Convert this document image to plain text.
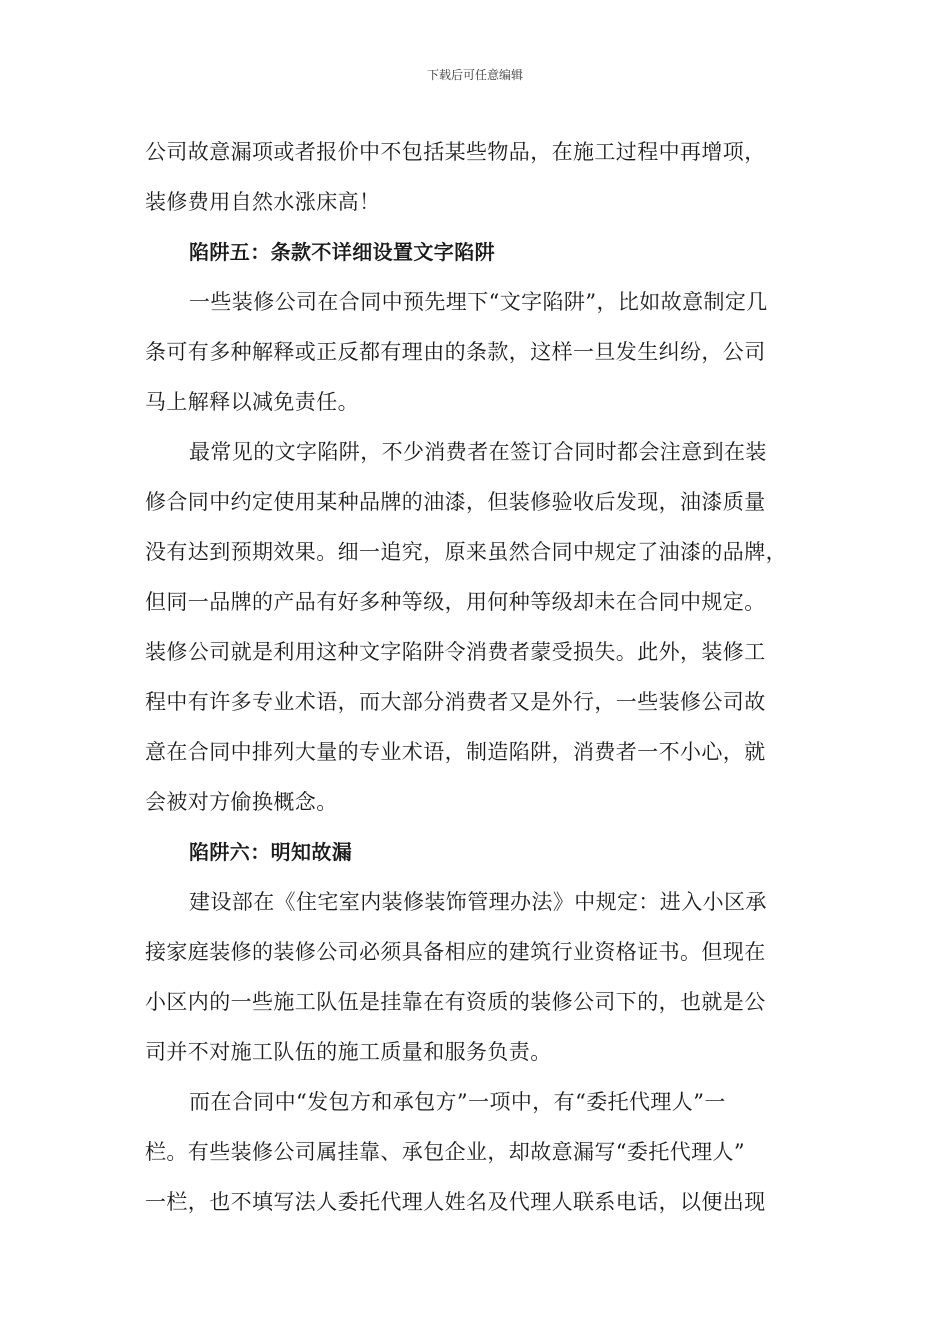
下载后可任意编辑
公司故意漏项或者报价中不包括某些物品，在施工过程中再增项，
装修费用自然水涨床高！
陷阱五：条款不详细设置文字陷阱
一些装修公司在合同中预先埋下“文字陷阱”，比如故意制定几
条可有多种解释或正反都有理由的条款，这样一旦发生纠纷，公司
马上解释以减免责任。
最常见的文字陷阱，不少消费者在签订合同时都会注意到在装
修合同中约定使用某种品牌的油漆，但装修验收后发现，油漆质量
没有达到预期效果。细一追究，原来虽然合同中规定了油漆的品牌，
但同一品牌的产品有好多种等级，用何种等级却未在合同中规定。
装修公司就是利用这种文字陷阱令消费者蒙受损失。此外，装修工
程中有许多专业术语，而大部分消费者又是外行，一些装修公司故
意在合同中排列大量的专业术语，制造陷阱，消费者一不小心，就
会被对方偷换概念。
陷阱六：明知故漏
建设部在《住宅室内装修装饰管理办法》中规定：进入小区承
接家庭装修的装修公司必须具备相应的建筑行业资格证书。但现在
小区内的一些施工队伍是挂靠在有资质的装修公司下的，也就是公
司并不对施工队伍的施工质量和服务负责。
而在合同中“发包方和承包方”一项中，有“委托代理人”一
栏。有些装修公司属挂靠、承包企业，却故意漏写“委托代理人”
一栏，也不填写法人委托代理人姓名及代理人联系电话，以便出现
